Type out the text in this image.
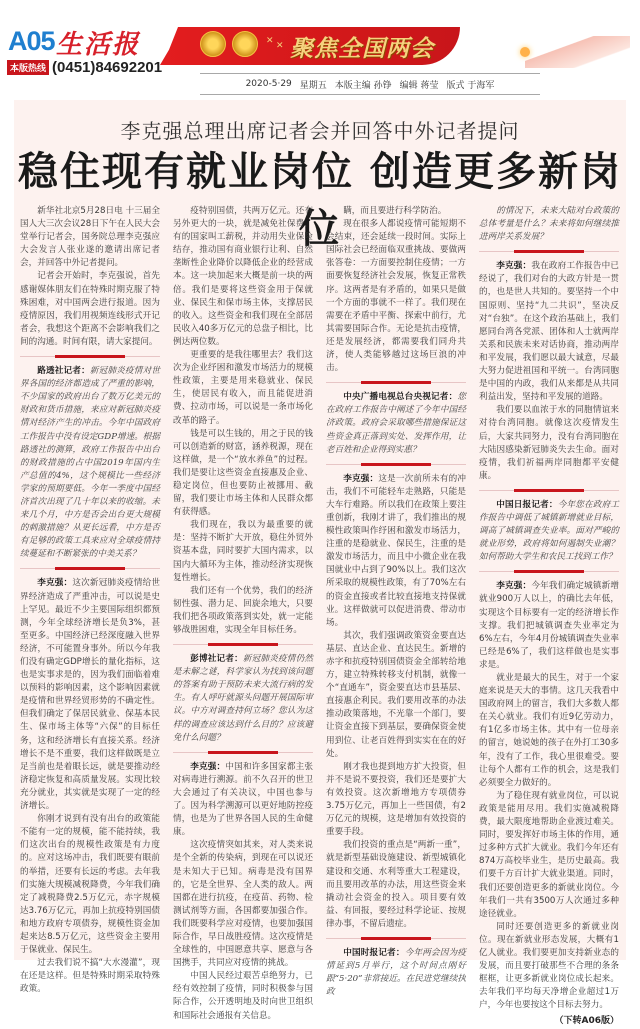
A05 生活报
本版热线 (0451)84692201
✕ ✕ 聚焦全国两会
2020-5·29 星期五 本版主编 孙铮 编辑 蒋莹 版式 于海军
李克强总理出席记者会并回答中外记者提问
稳住现有就业岗位 创造更多新岗位

新华社北京5月28日电 十三届全国人大三次会议28日下午在人民大会堂举行记者会，国务院总理李克强应大会发言人张业遂的邀请出席记者会，并回答中外记者提问。

记者会开始时，李克强说，首先感谢媒体朋友们在特殊时期克服了特殊困难，对中国两会进行报道。因为疫情原因，我们用视频连线形式开记者会，我想这个距离不会影响我们之间的沟通。时间有限，请大家提问。

路透社记者：新冠肺炎疫情对世界各国的经济都造成了严重的影响，不少国家的政府出台了数万亿美元的财政和货币措施，来应对新冠肺炎疫情对经济产生的冲击。今年中国政府工作报告中没有设定GDP增速。根据路透社的测算，政府工作报告中出台的财政措施的占中国2019年国内生产总值的4%，这个规模比一些经济学家的预期要低。今年一季度中国经济首次出现了几十年以来的收缩。未来几个月，中方是否会出台更大规模的刺激措施？从更长远看，中方是否有足够的政策工具来应对全球疫情持续蔓延和不断紧张的中美关系？

李克强：这次新冠肺炎疫情给世界经济造成了严重冲击，可以说是史上罕见。最近不少主要国际组织都预测，今年全球经济增长是负3%，甚至更多。中国经济已经深度融入世界经济，不可能置身事外。所以今年我们没有确定GDP增长的量化指标，这也是实事求是的，因为我们面临着难以预料的影响因素，这个影响因素就是疫情和世界经贸形势的不确定性。但我们确定了保居民就业、保基本民生、保市场主体等“六保”的目标任务，这和经济增长有直接关系。经济增长不是不重要，我们这样做既是立足当前也是着眼长远，就是要推动经济稳定恢复和高质量发展。实现比较充分就业，其实就是实现了一定的经济增长。

你刚才说到有没有出台的政策能不能有一定的规模，能不能持续，我们这次出台的规模性政策是有力度的。应对这场冲击，我们既要有眼前的举措，还要有长远的考虑。去年我们实施大规模减税降费，今年我们确定了减税降费2.5万亿元，赤字规模达3.76万亿元，再加上抗疫特别国债和地方政府专项债券，规模性资金加起来达8.5万亿元，这些资金主要用于保就业、保民生。

过去我们说不搞“大水漫灌”，现在还是这样。但是特殊时期采取特殊政策。

疫特别国债，共两万亿元。还有另外更大的一块，就是减免社保费，有的国家叫工薪税，并动用失业保险结存，推动国有商业银行让利、自然垄断性企业降价以降低企业的经营成本。这一块加起来大概是前一块的两倍。我们是要将这些资金用于保就业、保民生和保市场主体，支撑居民的收入。这些资金和我们现在全部居民收入40多万亿元的总盘子相比，比例达两位数。

更重要的是我往哪里去？我们这次为企业纾困和激发市场活力的规模性政策，主要是用来稳就业、保民生，使居民有收入，而且能促进消费、拉动市场，可以说是一条市场化改革的路子。

钱是可以生钱的，用之于民的钱可以创造新的财富，涵养税源，现在这样做，是一个“放水养鱼”的过程。我们是要让这些资金直接惠及企业、稳定岗位，但也要防止被挪用、截留，我们要让市场主体和人民群众都有获得感。

我们现在，我以为最重要的就是：坚持不断扩大开放，稳住外贸外资基本盘，同时要扩大国内需求，以国内大循环为主体，推动经济实现恢复性增长。

我们还有一个优势，我们的经济韧性强、潜力足、回旋余地大，只要我们把各项政策落到实处，就一定能够战胜困难，实现全年目标任务。

彭博社记者：新冠肺炎疫情仍然是未解之谜，科学家认为找到该问题的答案有助于预防未来大流行病的发生。有人呼吁就源头问题开展国际审议。中方对调查持何立场？您认为这样的调查应该达到什么目的？应该避免什么问题？

李克强：中国和许多国家都主张对病毒进行溯源。前不久召开的世卫大会通过了有关决议，中国也参与了。因为科学溯源可以更好地防控疫情，也是为了世界各国人民的生命健康。

这次疫情突如其来，对人类来说是个全新的传染病，到现在可以说还是未知大于已知。病毒是没有国界的，它是全世界、全人类的敌人。两国都在进行抗疫，在疫苗、药物、检测试剂等方面，各国都要加强合作。我们既要科学应对疫情，也要加强国际合作，早日战胜疫情。这次疫情是全球性的，中国愿意共享、愿意与各国携手，共同应对疫情的挑战。

中国人民经过艰苦卓绝努力，已经有效控制了疫情，同时积极参与国际合作，公开透明地及时向世卫组织和国际社会通报有关信息。

瞒，而且要进行科学防治。

现在很多人都说疫情可能短期不会结束，还会延续一段时间。实际上国际社会已经面临双重挑战、要做两张答卷：一方面要控制住疫情；一方面要恢复经济社会发展，恢复正常秩序。这两者是有矛盾的，如果只是做一个方面的事就不一样了。我们现在需要在矛盾中平衡、探索中前行，尤其需要国际合作。无论是抗击疫情，还是发展经济，都需要我们同舟共济，使人类能够越过这场巨浪的冲击。

中央广播电视总台央视记者：您在政府工作报告中阐述了今年中国经济政策。政府会采取哪些措施保证这些资金真正落到实处、发挥作用，让老百姓和企业得到实惠？

李克强：这是一次前所未有的冲击，我们不可能轻车走熟路，只能是大车行难路。所以我们在政策上要注重创新，我刚才讲了，我们推出的规模性政策叫作纾困和激发市场活力，注重的是稳就业、保民生，注重的是激发市场活力，而且中小微企业在我国就业中占到了90%以上。我们这次所采取的规模性政策，有了70%左右的资金直接或者比较直接地支持保就业。这样做就可以促进消费、带动市场。

其次，我们强调政策资金要直达基层、直达企业、直达民生。新增的赤字和抗疫特别国债资金全部转给地方，建立特殊转移支付机制，就像一个“直通车”，资金要直达市县基层、直接惠企利民。我们要用改革的办法推动政策落地，不光靠一个部门，要让资金直接下到基层，要确保资金使用到位、让老百姓得到实实在在的好处。

刚才我也提到地方扩大投资，但并不是说不要投资，我们还是要扩大有效投资。这次新增地方专项债券3.75万亿元，再加上一些国债，有2万亿元的规模，这是增加有效投资的重要手段。

我们投资的重点是“两新一重”，就是新型基础设施建设、新型城镇化建设和交通、水利等重大工程建设，而且要用改革的办法，用这些资金来撬动社会资金的投入。项目要有效益、有回报，要经过科学论证、按规律办事，不留后遗症。

中国时报记者：今年两会因为疫情延到5月举行，这个时间点刚好跟“5·20”非常接近。在民进党继续执政

的情况下，未来大陆对台政策的总体考量是什么？未来将如何继续推进两岸关系发展？

李克强：我在政府工作报告中已经说了，我们对台的大政方针是一贯的，也是世人共知的。要坚持一个中国原则、坚持“九二共识”，坚决反对“台独”。在这个政治基础上，我们愿同台湾各党派、团体和人士就两岸关系和民族未来对话协商，推动两岸和平发展，我们愿以最大诚意，尽最大努力促进祖国和平统一。台湾同胞是中国的内政，我们从来都是从共同利益出发，坚持和平发展的道路。

我们要以血浓于水的同胞情谊来对待台湾同胞。就像这次疫情发生后，大家共同努力，没有台湾同胞在大陆因感染新冠肺炎失去生命。面对疫情，我们祈福两岸同胞都平安健康。

中国日报记者：今年您在政府工作报告中调低了城镇新增就业目标，调高了城镇调查失业率。面对严峻的就业形势，政府将如何遏制失业潮？如何帮助大学生和农民工找到工作？

李克强：今年我们确定城镇新增就业900万人以上，的确比去年低，实现这个目标要有一定的经济增长作支撑。我们把城镇调查失业率定为6%左右，今年4月份城镇调查失业率已经是6%了，我们这样做也是实事求是。

就业是最大的民生，对于一个家庭来说是天大的事情。这几天我看中国政府网上的留言，我们大多数人都在关心就业。我们有近9亿劳动力，有1亿多市场主体。其中有一位母亲的留言，她说她的孩子在外打工30多年，没有了工作，我心里很难受。要让每个人都有工作的机会，这是我们必须要全力做好的。

为了稳住现有就业岗位，可以说政策是能用尽用。我们实施减税降费，最大限度地帮助企业渡过难关。同时，要发挥好市场主体的作用，通过多种方式扩大就业。我们今年还有874万高校毕业生，是历史最高。我们要千方百计扩大就业渠道。同时，我们还要创造更多的新就业岗位。今年我们一共有3500万人次通过多种途径就业。

同时还要创造更多的新就业岗位。现在新就业形态发展，大概有1亿人就业。我们要更加支持新业态的发展，而且要打破那些不合理的条条框框，让更多新就业岗位成长起来。去年我们平均每天净增企业超过1万户，今年也要按这个目标去努力。

（下转A06版）
